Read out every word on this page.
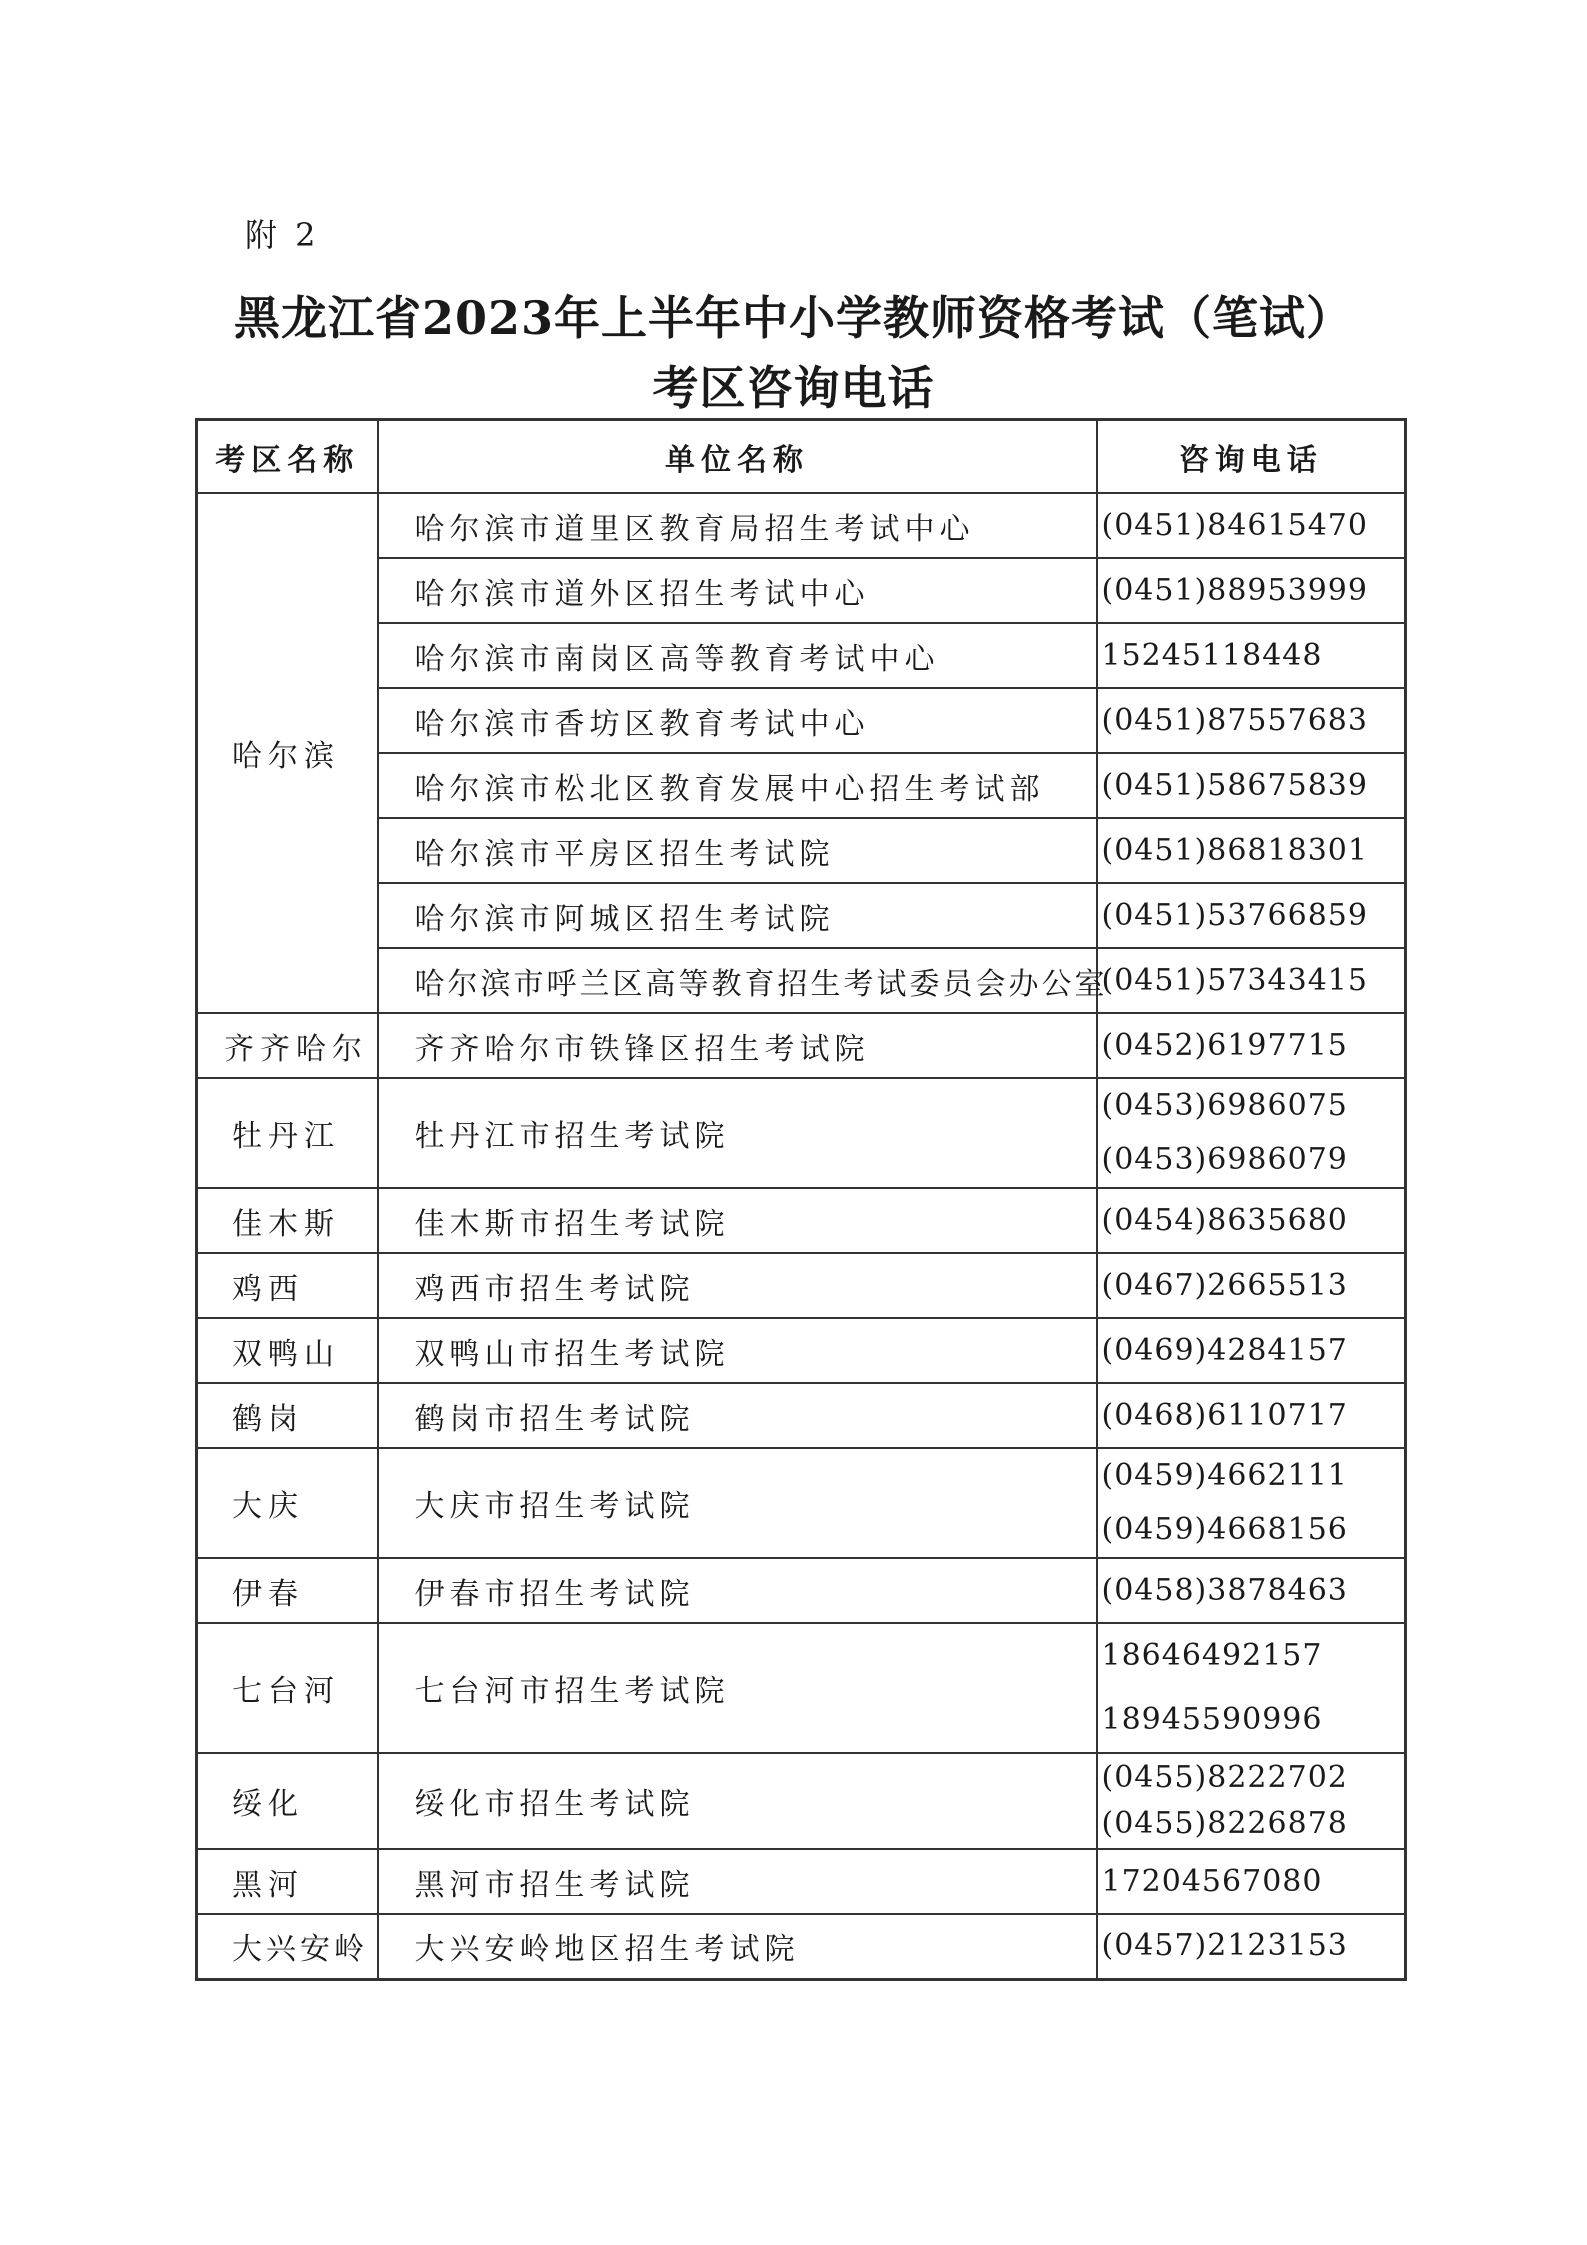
附 2
黑龙江省2023年上半年中小学教师资格考试（笔试）
考区咨询电话
考区名称	单位名称	咨询电话
哈尔滨	哈尔滨市道里区教育局招生考试中心	(0451)84615470
	哈尔滨市道外区招生考试中心	(0451)88953999
	哈尔滨市南岗区高等教育考试中心	15245118448
	哈尔滨市香坊区教育考试中心	(0451)87557683
	哈尔滨市松北区教育发展中心招生考试部	(0451)58675839
	哈尔滨市平房区招生考试院	(0451)86818301
	哈尔滨市阿城区招生考试院	(0451)53766859
	哈尔滨市呼兰区高等教育招生考试委员会办公室	(0451)57343415
齐齐哈尔	齐齐哈尔市铁锋区招生考试院	(0452)6197715

牡丹江	牡丹江市招生考试院	(0453)6986075
(0453)6986079

佳木斯	佳木斯市招生考试院	(0454)8635680

鸡西	鸡西市招生考试院	(0467)2665513

双鸭山	双鸭山市招生考试院	(0469)4284157

鹤岗	鹤岗市招生考试院	(0468)6110717

大庆	大庆市招生考试院	(0459)4662111
(0459)4668156

伊春	伊春市招生考试院	(0458)3878463

七台河	七台河市招生考试院	18646492157
18945590996

绥化	绥化市招生考试院	(0455)8222702
(0455)8226878

黑河	黑河市招生考试院	17204567080

大兴安岭	大兴安岭地区招生考试院	(0457)2123153
